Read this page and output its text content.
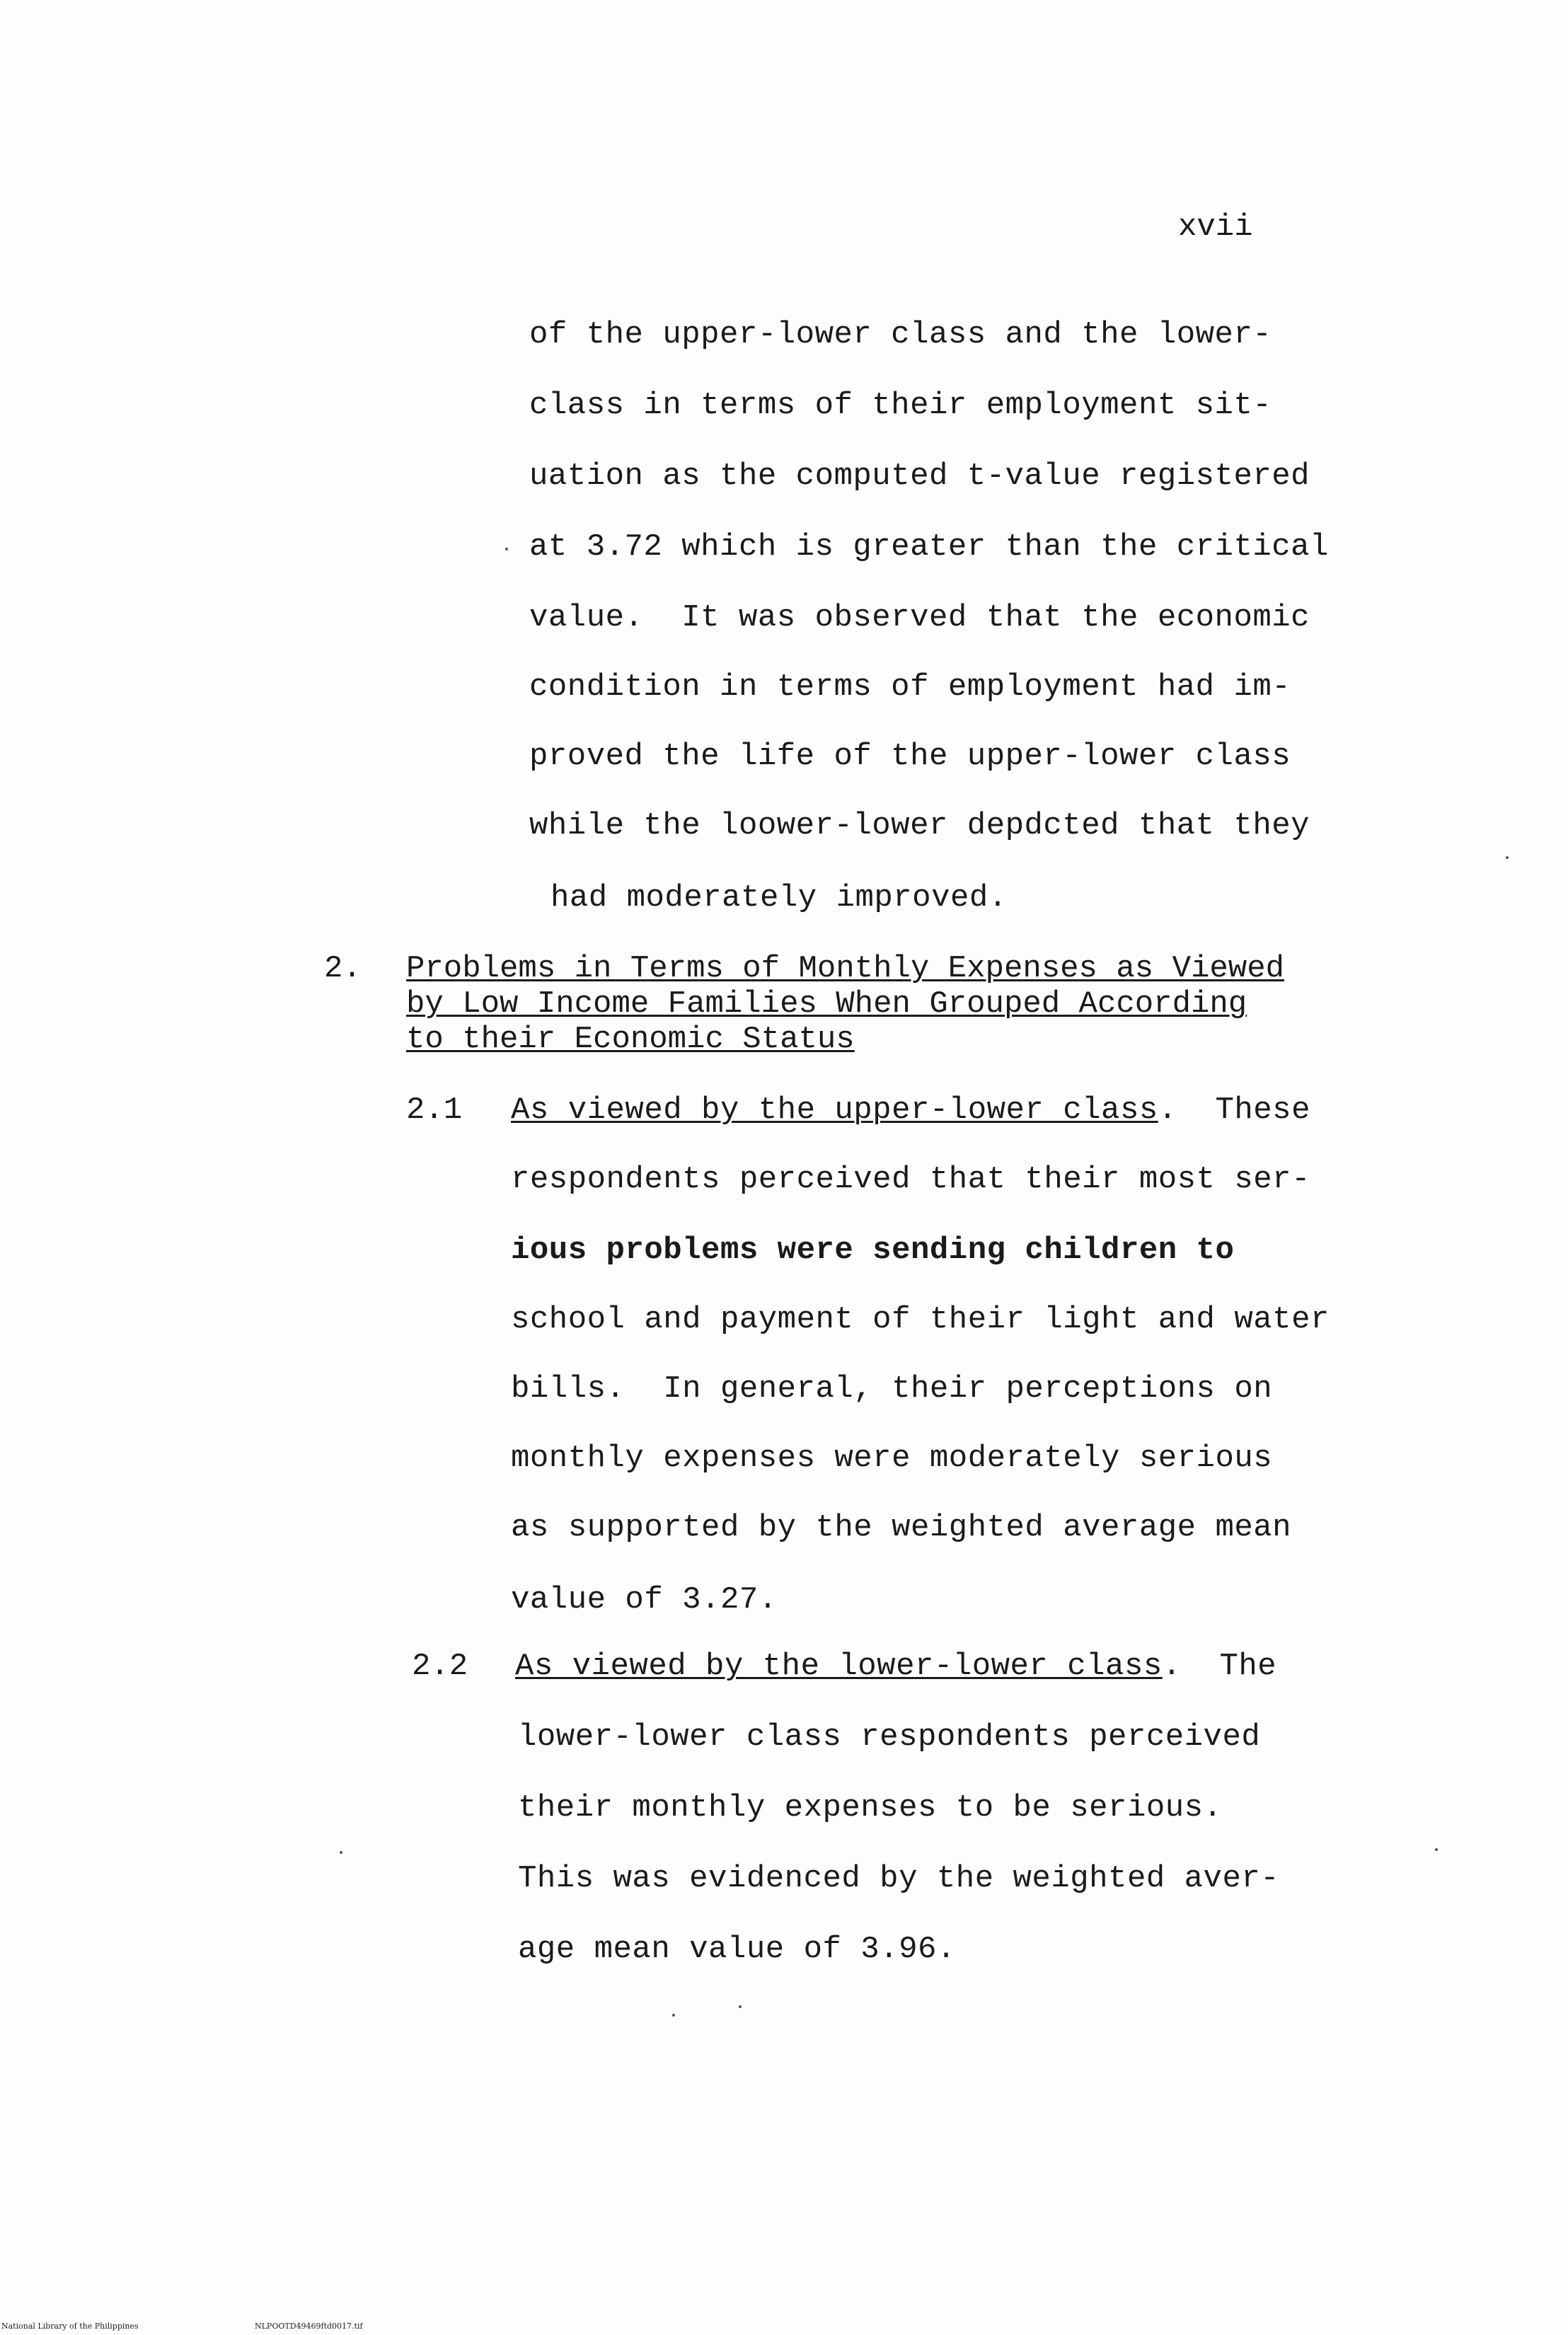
xvii
of the upper-lower class and the lower-
class in terms of their employment sit-
uation as the computed t-value registered
at 3.72 which is greater than the critical
value.  It was observed that the economic
condition in terms of employment had im-
proved the life of the upper-lower class
while the loower-lower depdcted that they
had moderately improved.
2. Problems in Terms of Monthly Expenses as Viewed
by Low Income Families When Grouped According
to their Economic Status
2.1 As viewed by the upper-lower class.  These
respondents perceived that their most ser-
ious problems were sending children to
school and payment of their light and water
bills.  In general, their perceptions on
monthly expenses were moderately serious
as supported by the weighted average mean
value of 3.27.
2.2 As viewed by the lower-lower class.  The
lower-lower class respondents perceived
their monthly expenses to be serious.
This was evidenced by the weighted aver-
age mean value of 3.96.
National Library of the Philippines	NLPOOTD49469ftd0017.tif
